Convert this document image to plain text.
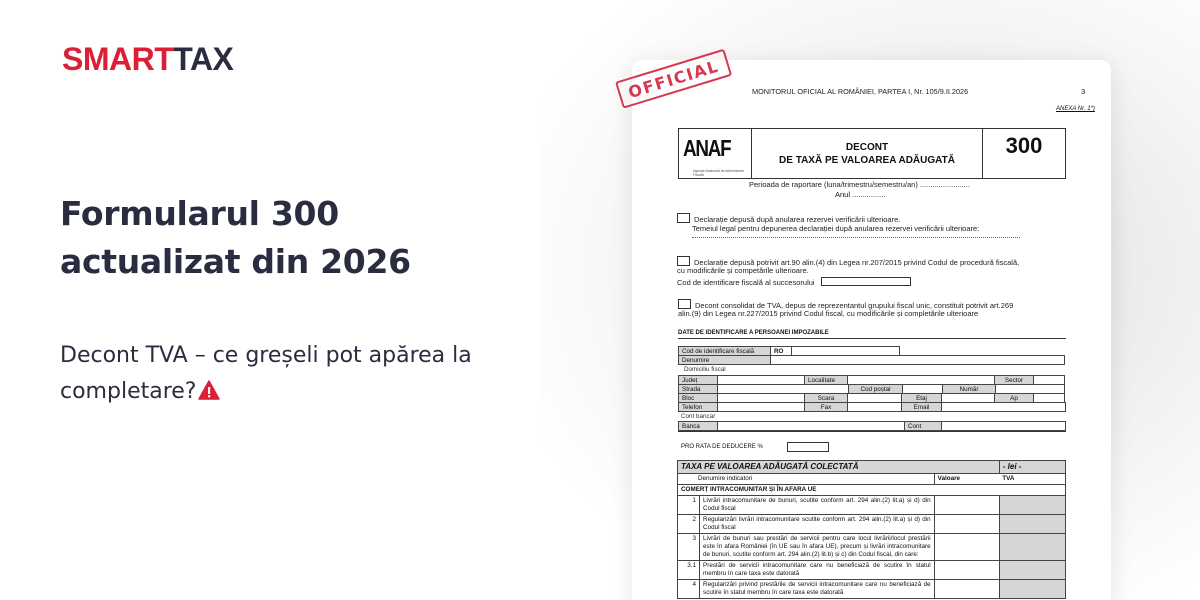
SMARTTAX
Formularul 300
actualizat din 2026
Decont TVA – ce greșeli pot apărea la
completare?
MONITORUL OFICIAL AL ROMÂNIEI, PARTEA I, Nr. 105/9.II.2026	3
ANEXA Nr. 1*)
ANAF
Agenția Națională de Administrare Fiscală
DECONT
DE TAXĂ PE VALOAREA ADĂUGATĂ
300
Perioada de raportare (luna/trimestru/semestru/an) ........................
Anul ................
Declarație depusă după anularea rezervei verificării ulterioare.
Temeiul legal pentru depunerea declarației după anularea rezervei verificării ulterioare:
Declarație depusă potrivit art.90 alin.(4) din Legea nr.207/2015 privind Codul de procedură fiscală,
cu modificările și competările ulterioare.
Cod de identificare fiscală al succesorului
Decont consolidat de TVA, depus de reprezentantul grupului fiscal unic, constituit potrivit art.269
alin.(9) din Legea nr.227/2015 privind Codul fiscal, cu modificările și completările ulterioare
DATE DE IDENTIFICARE A PERSOANEI IMPOZABILE
Cod de identificare fiscală	RO
Denumire
Domiciliu fiscal
Județ	Localitate	Sector
Strada	Cod poștal	Număr
Bloc	Scara	Etaj	Ap
Telefon	Fax	Email
Cont bancar
Banca	Cont
PRO RATA DE DEDUCERE %
TAXA PE VALOAREA ADĂUGATĂ COLECTATĂ			- lei -
Denumire indicatori		Valoare	TVA
COMERȚ INTRACOMUNITAR ȘI ÎN AFARA UE			
1	Livrări intracomunitare de bunuri, scutite conform art. 294 alin.(2) lit.a) și d) din Codul fiscal		
2	Regularizări livrări intracomunitare scutite conform art. 294 alin.(2) lit.a) și d) din Codul fiscal		
3	Livrări de bunuri sau prestări de servicii pentru care locul livrării/locul prestării este în afara României (în UE sau în afara UE), precum și livrări intracomunitare de bunuri, scutite conform art. 294 alin.(2) lit.b) și c) din Codul fiscal, din care:		
3.1	Prestări de servicii intracomunitare care nu beneficiază de scutire în statul membru în care taxa este datorată		
4	Regularizări privind prestările de servicii intracomunitare care nu beneficiază de scutire în statul membru în care taxa este datorată		
OFFICIAL
